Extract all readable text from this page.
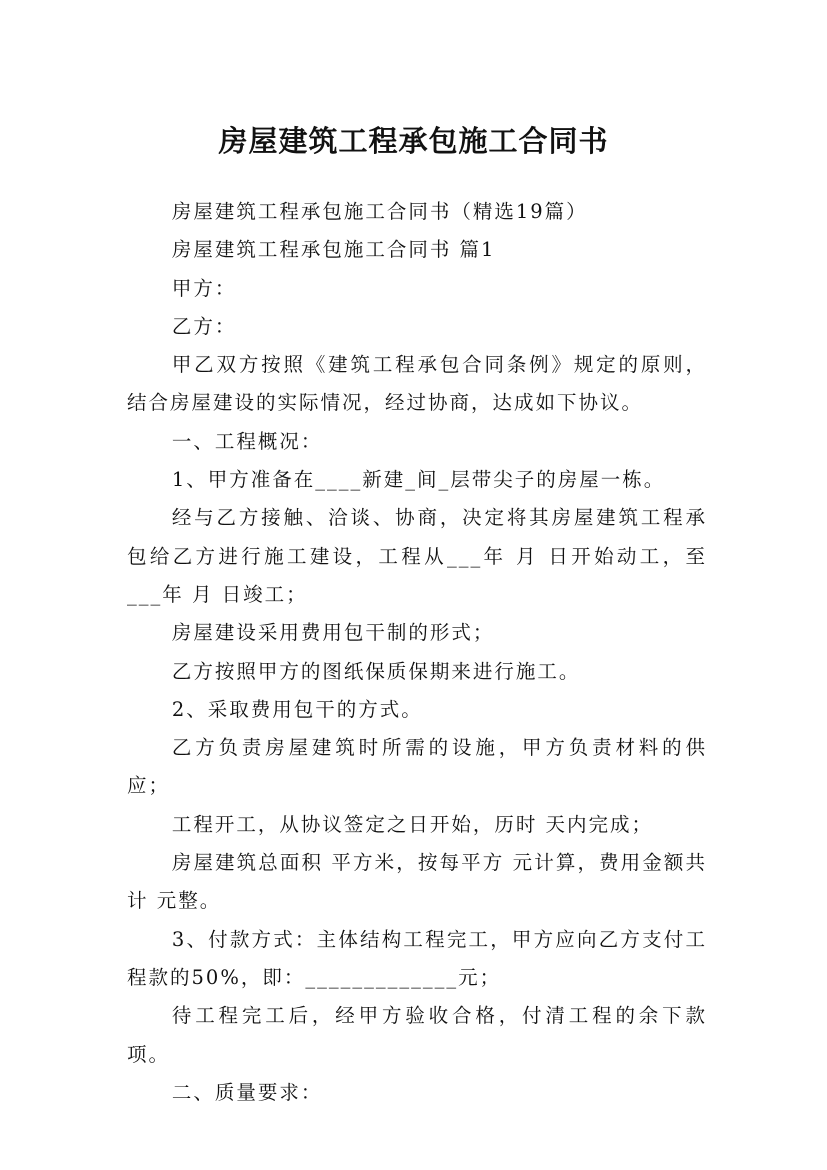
房屋建筑工程承包施工合同书

房屋建筑工程承包施工合同书（精选19篇）

房屋建筑工程承包施工合同书 篇1

甲方：

乙方：

甲乙双方按照《建筑工程承包合同条例》规定的原则，结合房屋建设的实际情况，经过协商，达成如下协议。

一、工程概况：

1、甲方准备在____新建_间_层带尖子的房屋一栋。

经与乙方接触、洽谈、协商，决定将其房屋建筑工程承包给乙方进行施工建设，工程从___年 月 日开始动工，至___年 月 日竣工；

房屋建设采用费用包干制的形式；

乙方按照甲方的图纸保质保期来进行施工。

2、采取费用包干的方式。

乙方负责房屋建筑时所需的设施，甲方负责材料的供应；

工程开工，从协议签定之日开始，历时 天内完成；

房屋建筑总面积 平方米，按每平方 元计算，费用金额共计 元整。

3、付款方式：主体结构工程完工，甲方应向乙方支付工程款的50%，即：_____________元；

待工程完工后，经甲方验收合格，付清工程的余下款项。

二、质量要求：
